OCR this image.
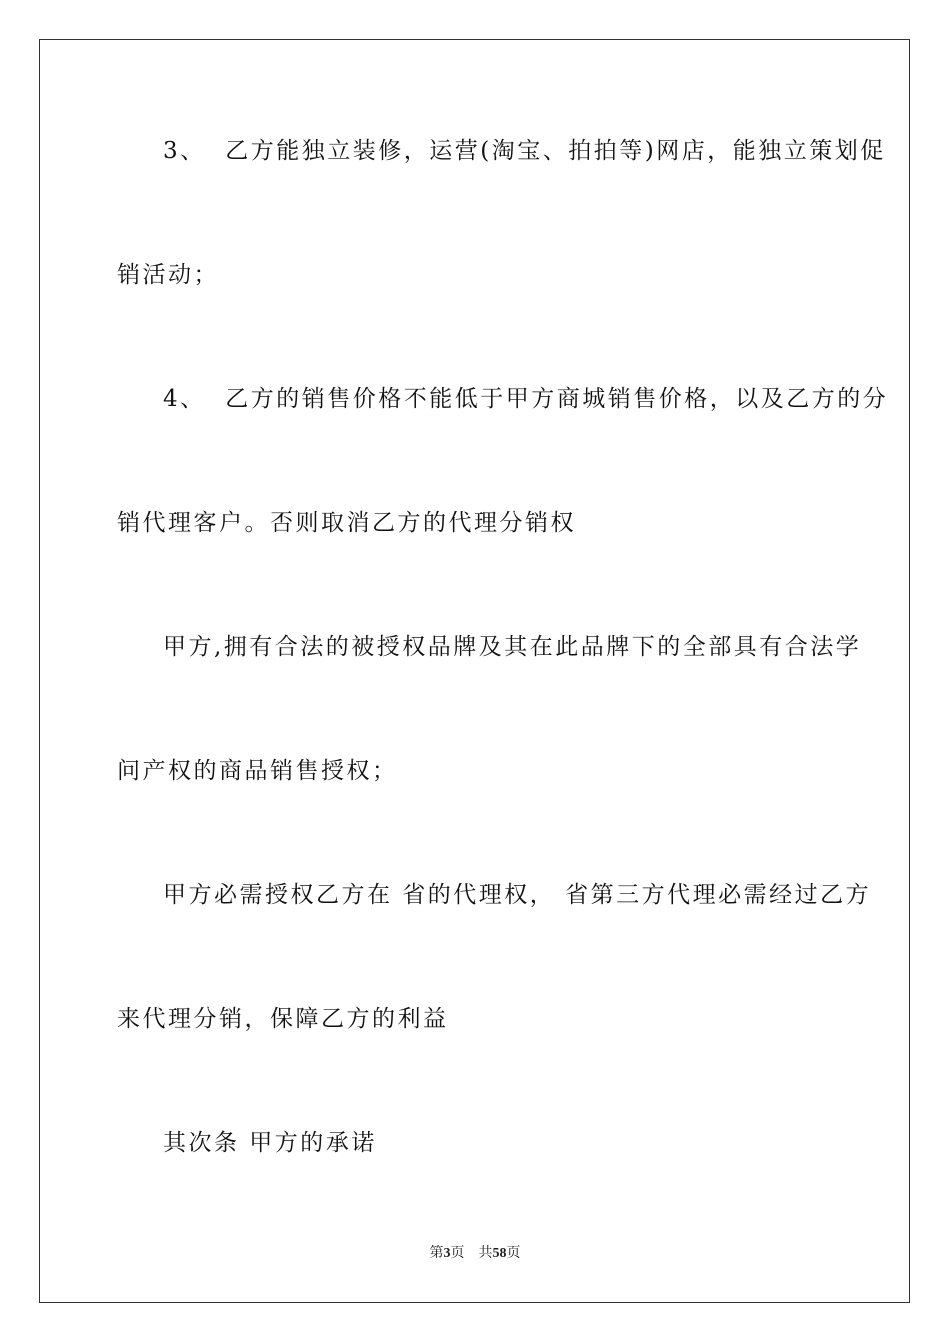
3、  乙方能独立装修，运营(淘宝、拍拍等)网店，能独立策划促
销活动；
4、  乙方的销售价格不能低于甲方商城销售价格，以及乙方的分
销代理客户。否则取消乙方的代理分销权
甲方,拥有合法的被授权品牌及其在此品牌下的全部具有合法学
问产权的商品销售授权；
甲方必需授权乙方在 省的代理权， 省第三方代理必需经过乙方
来代理分销，保障乙方的利益
其次条 甲方的承诺
第3页 共58页
